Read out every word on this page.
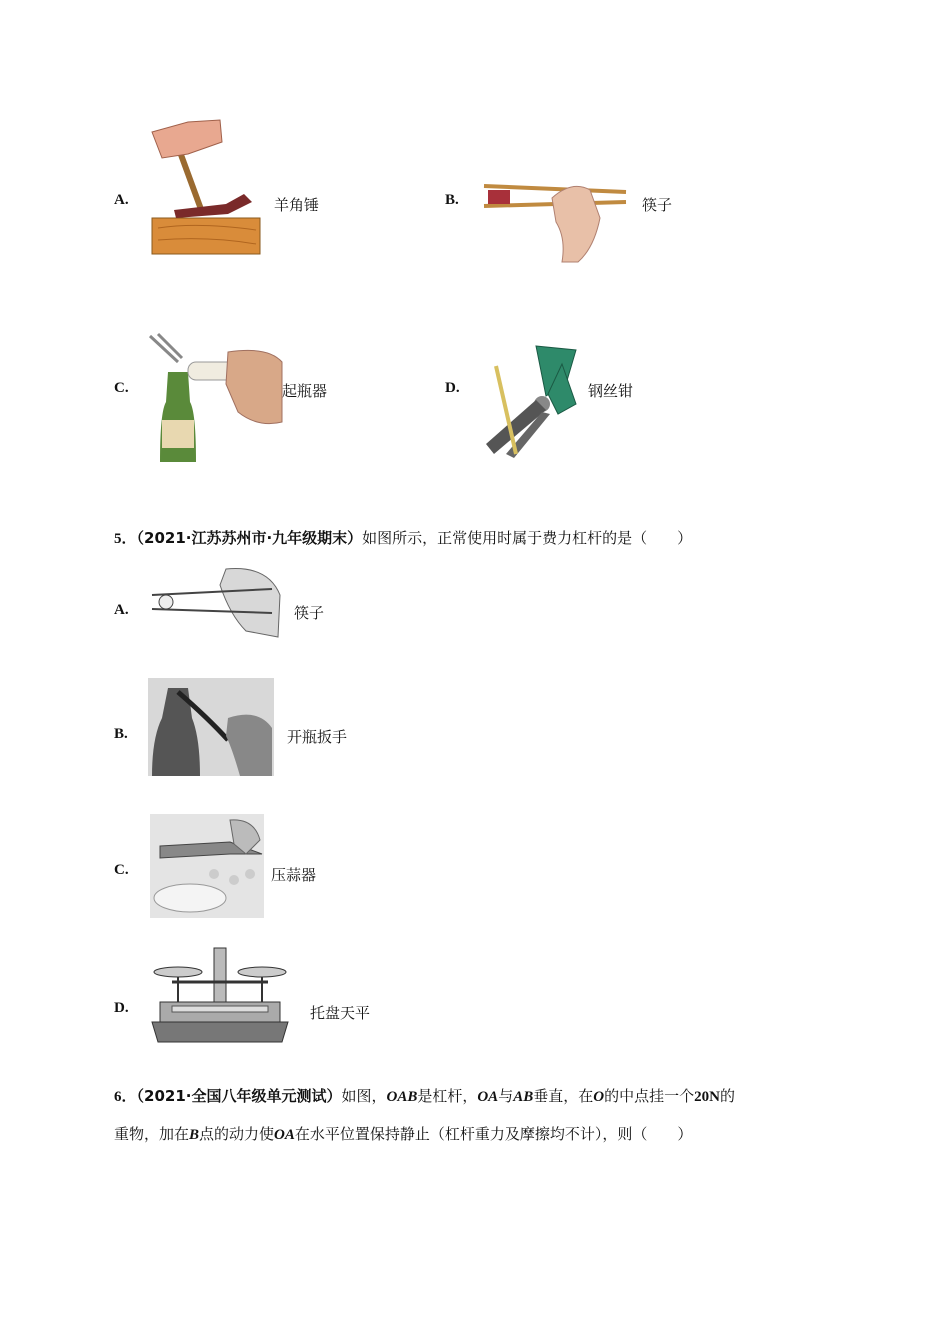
A.	羊角锤	B.	筷子
C.	起瓶器	D.	钢丝钳
5．（2021·江苏苏州市·九年级期末）如图所示，正常使用时属于费力杠杆的是（　　）
A.	筷子
B.	开瓶扳手
C.	压蒜器
D.	托盘天平
6．（2021·全国八年级单元测试）如图，OAB是杠杆，OA与AB垂直，在O的中点挂一个20N的
重物，加在B点的动力使OA在水平位置保持静止（杠杆重力及摩擦均不计），则（　　）
